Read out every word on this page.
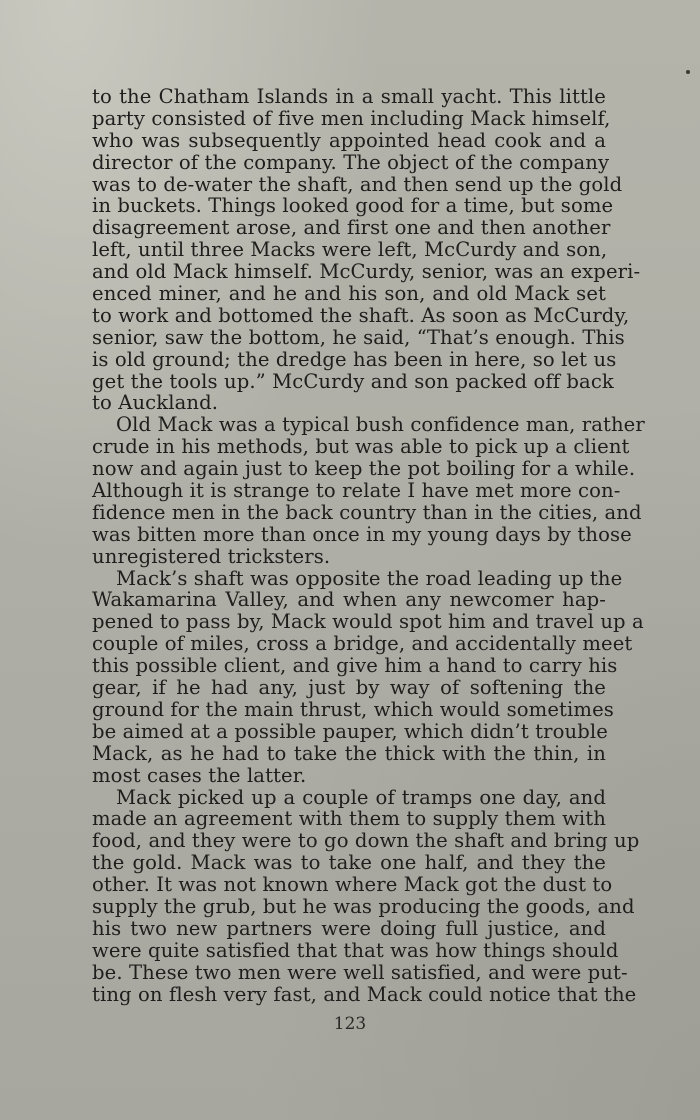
to the Chatham Islands in a small yacht. This little
party consisted of five men including Mack himself,
who was subsequently appointed head cook and a
director of the company. The object of the company
was to de-water the shaft, and then send up the gold
in buckets. Things looked good for a time, but some
disagreement arose, and first one and then another
left, until three Macks were left, McCurdy and son,
and old Mack himself. McCurdy, senior, was an experi-
enced miner, and he and his son, and old Mack set
to work and bottomed the shaft. As soon as McCurdy,
senior, saw the bottom, he said, “That’s enough. This
is old ground; the dredge has been in here, so let us
get the tools up.” McCurdy and son packed off back
to Auckland.
Old Mack was a typical bush confidence man, rather
crude in his methods, but was able to pick up a client
now and again just to keep the pot boiling for a while.
Although it is strange to relate I have met more con-
fidence men in the back country than in the cities, and
was bitten more than once in my young days by those
unregistered tricksters.
Mack’s shaft was opposite the road leading up the
Wakamarina Valley, and when any newcomer hap-
pened to pass by, Mack would spot him and travel up a
couple of miles, cross a bridge, and accidentally meet
this possible client, and give him a hand to carry his
gear, if he had any, just by way of softening the
ground for the main thrust, which would sometimes
be aimed at a possible pauper, which didn’t trouble
Mack, as he had to take the thick with the thin, in
most cases the latter.
Mack picked up a couple of tramps one day, and
made an agreement with them to supply them with
food, and they were to go down the shaft and bring up
the gold. Mack was to take one half, and they the
other. It was not known where Mack got the dust to
supply the grub, but he was producing the goods, and
his two new partners were doing full justice, and
were quite satisfied that that was how things should
be. These two men were well satisfied, and were put-
ting on flesh very fast, and Mack could notice that the
123
